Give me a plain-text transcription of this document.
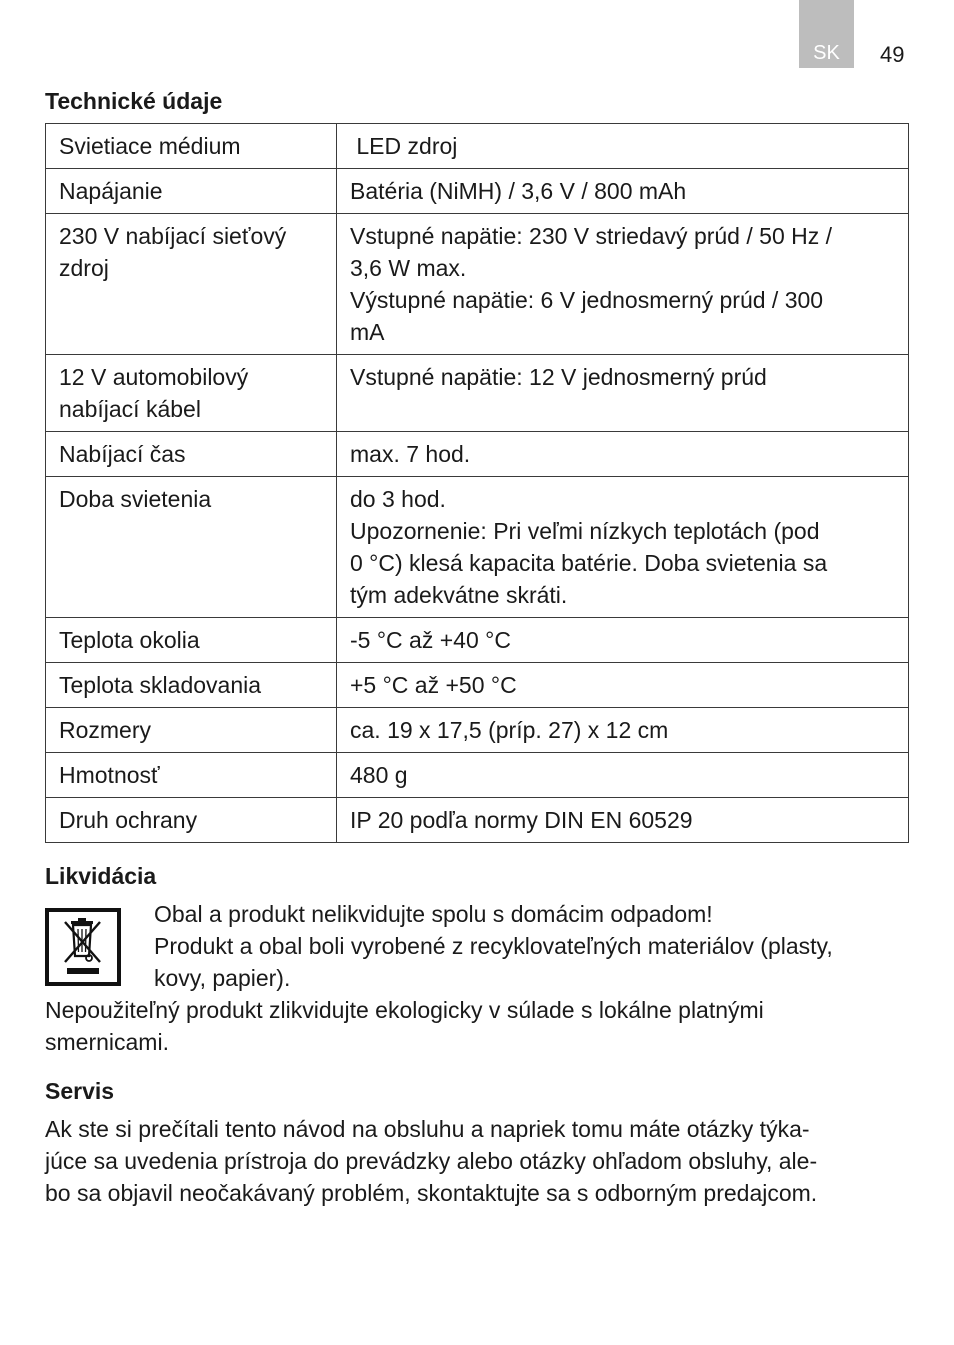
SK 49
Technické údaje
Svietiace médium	LED zdroj

Napájanie	Batéria (NiMH) / 3,6 V / 800 mAh

230 V nabíjací sieťový
zdroj	Vstupné napätie: 230 V striedavý prúd / 50 Hz /
3,6 W max.
Výstupné napätie: 6 V jednosmerný prúd / 300
mA

12 V automobilový
nabíjací kábel	Vstupné napätie: 12 V jednosmerný prúd

Nabíjací čas	max. 7 hod.

Doba svietenia	do 3 hod.
Upozornenie: Pri veľmi nízkych teplotách (pod
0 °C) klesá kapacita batérie. Doba svietenia sa
tým adekvátne skráti.

Teplota okolia	-5 °C až +40 °C

Teplota skladovania	+5 °C až +50 °C

Rozmery	ca. 19 x 17,5 (príp. 27) x 12 cm

Hmotnosť	480 g

Druh ochrany	IP 20 podľa normy DIN EN 60529
Likvidácia
Obal a produkt nelikvidujte spolu s domácim odpadom!
Produkt a obal boli vyrobené z recyklovateľných materiálov (plasty,
kovy, papier).
Nepoužiteľný produkt zlikvidujte ekologicky v súlade s lokálne platnými
smernicami.
Servis
Ak ste si prečítali tento návod na obsluhu a napriek tomu máte otázky týka-
júce sa uvedenia prístroja do prevádzky alebo otázky ohľadom obsluhy, ale-
bo sa objavil neočakávaný problém, skontaktujte sa s odborným predajcom.
